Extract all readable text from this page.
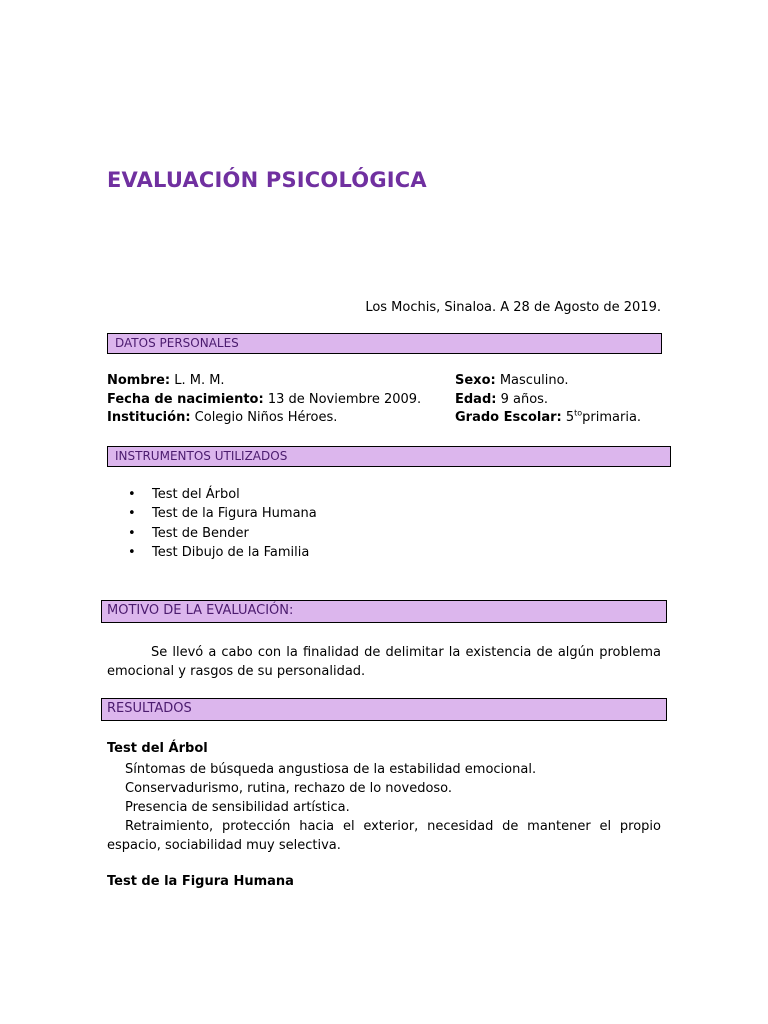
EVALUACIÓN PSICOLÓGICA
Los Mochis, Sinaloa. A 28 de Agosto de 2019.
DATOS PERSONALES
Nombre: L. M. M.
Fecha de nacimiento: 13 de Noviembre 2009.
Institución: Colegio Niños Héroes.
Sexo: Masculino.
Edad: 9 años.
Grado Escolar: $5^{to}primaria$.
INSTRUMENTOS UTILIZADOS
• Test del Árbol
• Test de la Figura Humana
• Test de Bender
• Test Dibujo de la Familia
MOTIVO DE LA EVALUACIÓN:

Se llevó a cabo con la finalidad de delimitar la existencia de algún problema emocional y rasgos de su personalidad.

RESULTADOS
Test del Árbol
Síntomas de búsqueda angustiosa de la estabilidad emocional.
Conservadurismo, rutina, rechazo de lo novedoso.
Presencia de sensibilidad artística.
Retraimiento, protección hacia el exterior, necesidad de mantener el propio espacio, sociabilidad muy selectiva.
Test de la Figura Humana
